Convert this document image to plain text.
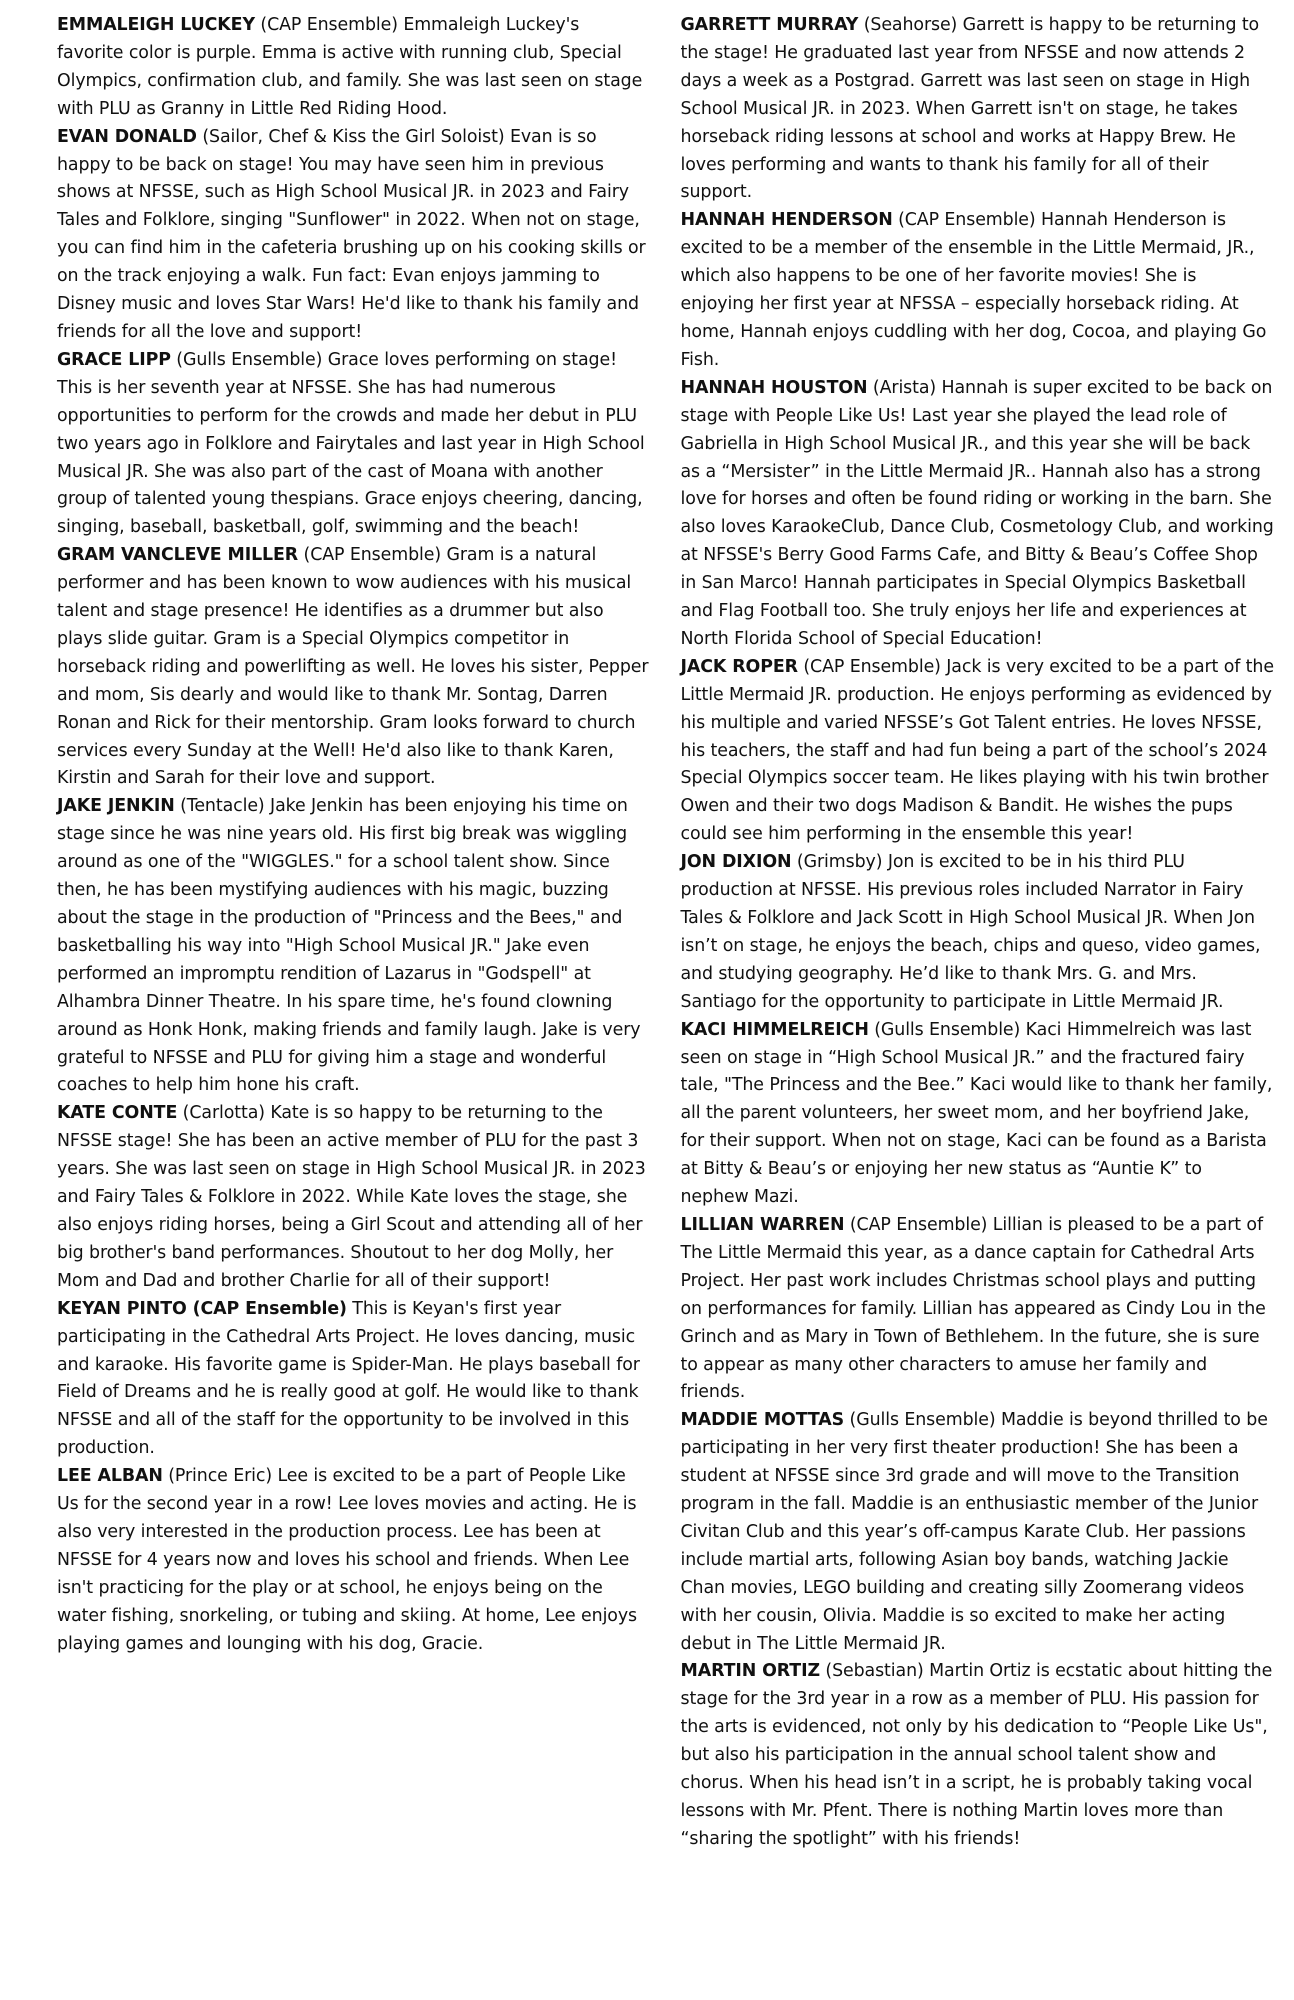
EMMALEIGH LUCKEY (CAP Ensemble) Emmaleigh Luckey's favorite color is purple. Emma is active with running club, Special Olympics, confirmation club, and family. She was last seen on stage with PLU as Granny in Little Red Riding Hood.

EVAN DONALD (Sailor, Chef & Kiss the Girl Soloist) Evan is so happy to be back on stage! You may have seen him in previous shows at NFSSE, such as High School Musical JR. in 2023 and Fairy Tales and Folklore, singing "Sunflower" in 2022. When not on stage, you can find him in the cafeteria brushing up on his cooking skills or on the track enjoying a walk. Fun fact: Evan enjoys jamming to Disney music and loves Star Wars! He'd like to thank his family and friends for all the love and support!

GRACE LIPP (Gulls Ensemble) Grace loves performing on stage! This is her seventh year at NFSSE. She has had numerous opportunities to perform for the crowds and made her debut in PLU two years ago in Folklore and Fairytales and last year in High School Musical JR. She was also part of the cast of Moana with another group of talented young thespians. Grace enjoys cheering, dancing, singing, baseball, basketball, golf, swimming and the beach!

GRAM VANCLEVE MILLER (CAP Ensemble) Gram is a natural performer and has been known to wow audiences with his musical talent and stage presence! He identifies as a drummer but also plays slide guitar. Gram is a Special Olympics competitor in horseback riding and powerlifting as well. He loves his sister, Pepper and mom, Sis dearly and would like to thank Mr. Sontag, Darren Ronan and Rick for their mentorship. Gram looks forward to church services every Sunday at the Well! He'd also like to thank Karen, Kirstin and Sarah for their love and support.

JAKE JENKIN (Tentacle) Jake Jenkin has been enjoying his time on stage since he was nine years old. His first big break was wiggling around as one of the "WIGGLES." for a school talent show. Since then, he has been mystifying audiences with his magic, buzzing about the stage in the production of "Princess and the Bees," and basketballing his way into "High School Musical JR." Jake even performed an impromptu rendition of Lazarus in "Godspell" at Alhambra Dinner Theatre. In his spare time, he's found clowning around as Honk Honk, making friends and family laugh. Jake is very grateful to NFSSE and PLU for giving him a stage and wonderful coaches to help him hone his craft.

KATE CONTE (Carlotta) Kate is so happy to be returning to the NFSSE stage! She has been an active member of PLU for the past 3 years. She was last seen on stage in High School Musical JR. in 2023 and Fairy Tales & Folklore in 2022. While Kate loves the stage, she also enjoys riding horses, being a Girl Scout and attending all of her big brother's band performances. Shoutout to her dog Molly, her Mom and Dad and brother Charlie for all of their support!

KEYAN PINTO (CAP Ensemble) This is Keyan's first year participating in the Cathedral Arts Project. He loves dancing, music and karaoke. His favorite game is Spider-Man. He plays baseball for Field of Dreams and he is really good at golf. He would like to thank NFSSE and all of the staff for the opportunity to be involved in this production.

LEE ALBAN (Prince Eric) Lee is excited to be a part of People Like Us for the second year in a row! Lee loves movies and acting. He is also very interested in the production process. Lee has been at NFSSE for 4 years now and loves his school and friends. When Lee isn't practicing for the play or at school, he enjoys being on the water fishing, snorkeling, or tubing and skiing. At home, Lee enjoys playing games and lounging with his dog, Gracie.

GARRETT MURRAY (Seahorse) Garrett is happy to be returning to the stage! He graduated last year from NFSSE and now attends 2 days a week as a Postgrad. Garrett was last seen on stage in High School Musical JR. in 2023. When Garrett isn't on stage, he takes horseback riding lessons at school and works at Happy Brew. He loves performing and wants to thank his family for all of their support.

HANNAH HENDERSON (CAP Ensemble) Hannah Henderson is excited to be a member of the ensemble in the Little Mermaid, JR., which also happens to be one of her favorite movies! She is enjoying her first year at NFSSA – especially horseback riding. At home, Hannah enjoys cuddling with her dog, Cocoa, and playing Go Fish.

HANNAH HOUSTON (Arista) Hannah is super excited to be back on stage with People Like Us! Last year she played the lead role of Gabriella in High School Musical JR., and this year she will be back as a “Mersister” in the Little Mermaid JR.. Hannah also has a strong love for horses and often be found riding or working in the barn. She also loves KaraokeClub, Dance Club, Cosmetology Club, and working at NFSSE's Berry Good Farms Cafe, and Bitty & Beau’s Coffee Shop in San Marco! Hannah participates in Special Olympics Basketball and Flag Football too. She truly enjoys her life and experiences at North Florida School of Special Education!

JACK ROPER (CAP Ensemble) Jack is very excited to be a part of the Little Mermaid JR. production. He enjoys performing as evidenced by his multiple and varied NFSSE’s Got Talent entries. He loves NFSSE, his teachers, the staff and had fun being a part of the school’s 2024 Special Olympics soccer team. He likes playing with his twin brother Owen and their two dogs Madison & Bandit. He wishes the pups could see him performing in the ensemble this year!

JON DIXION (Grimsby) Jon is excited to be in his third PLU production at NFSSE. His previous roles included Narrator in Fairy Tales & Folklore and Jack Scott in High School Musical JR. When Jon isn’t on stage, he enjoys the beach, chips and queso, video games, and studying geography. He’d like to thank Mrs. G. and Mrs. Santiago for the opportunity to participate in Little Mermaid JR.

KACI HIMMELREICH (Gulls Ensemble) Kaci Himmelreich was last seen on stage in “High School Musical JR.” and the fractured fairy tale, "The Princess and the Bee.” Kaci would like to thank her family, all the parent volunteers, her sweet mom, and her boyfriend Jake, for their support. When not on stage, Kaci can be found as a Barista at Bitty & Beau’s or enjoying her new status as “Auntie K” to nephew Mazi.

LILLIAN WARREN (CAP Ensemble) Lillian is pleased to be a part of The Little Mermaid this year, as a dance captain for Cathedral Arts Project. Her past work includes Christmas school plays and putting on performances for family. Lillian has appeared as Cindy Lou in the Grinch and as Mary in Town of Bethlehem. In the future, she is sure to appear as many other characters to amuse her family and friends.

MADDIE MOTTAS (Gulls Ensemble) Maddie is beyond thrilled to be participating in her very first theater production! She has been a student at NFSSE since 3rd grade and will move to the Transition program in the fall. Maddie is an enthusiastic member of the Junior Civitan Club and this year’s off-campus Karate Club. Her passions include martial arts, following Asian boy bands, watching Jackie Chan movies, LEGO building and creating silly Zoomerang videos with her cousin, Olivia. Maddie is so excited to make her acting debut in The Little Mermaid JR.

MARTIN ORTIZ (Sebastian) Martin Ortiz is ecstatic about hitting the stage for the 3rd year in a row as a member of PLU. His passion for the arts is evidenced, not only by his dedication to “People Like Us", but also his participation in the annual school talent show and chorus. When his head isn’t in a script, he is probably taking vocal lessons with Mr. Pfent. There is nothing Martin loves more than “sharing the spotlight” with his friends!
